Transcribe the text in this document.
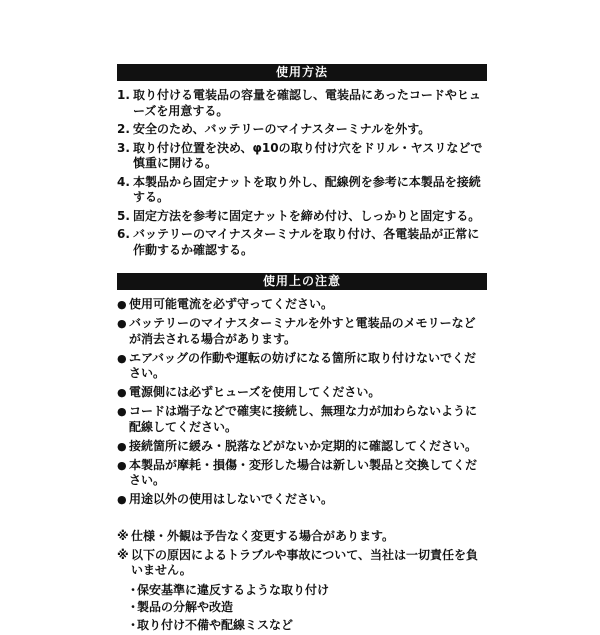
使用方法
1. 取り付ける電装品の容量を確認し、電装品にあったコードやヒューズを用意する。
2. 安全のため、バッテリーのマイナスターミナルを外す。
3. 取り付け位置を決め、φ10の取り付け穴をドリル・ヤスリなどで慎重に開ける。
4. 本製品から固定ナットを取り外し、配線例を参考に本製品を接続する。
5. 固定方法を参考に固定ナットを締め付け、しっかりと固定する。
6. バッテリーのマイナスターミナルを取り付け、各電装品が正常に作動するか確認する。
使用上の注意
● 使用可能電流を必ず守ってください。
● バッテリーのマイナスターミナルを外すと電装品のメモリーなどが消去される場合があります。
● エアバッグの作動や運転の妨げになる箇所に取り付けないでください。
● 電源側には必ずヒューズを使用してください。
● コードは端子などで確実に接続し、無理な力が加わらないように配線してください。
● 接続箇所に緩み・脱落などがないか定期的に確認してください。
● 本製品が摩耗・損傷・変形した場合は新しい製品と交換してください。
● 用途以外の使用はしないでください。
※ 仕様・外観は予告なく変更する場合があります。
※ 以下の原因によるトラブルや事故について、当社は一切責任を負いません。
・
保安基準に違反するような取り付け
・
製品の分解や改造
・
取り付け不備や配線ミスなど
